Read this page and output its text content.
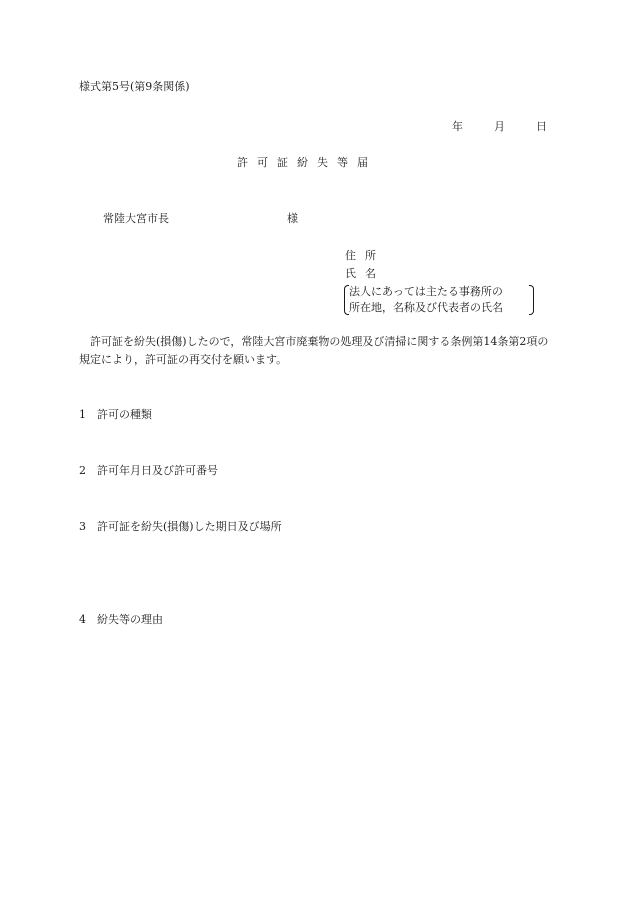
様式第5号(第9条関係)
年	月	日
許可証紛失等届
常陸大宮市長	様
住所
氏名
法人にあっては主たる事務所の
所在地，名称及び代表者の氏名
許可証を紛失(損傷)したので，常陸大宮市廃棄物の処理及び清掃に関する条例第14条第2項の規定により，許可証の再交付を願います。
1 許可の種類
2 許可年月日及び許可番号
3 許可証を紛失(損傷)した期日及び場所
4 紛失等の理由
